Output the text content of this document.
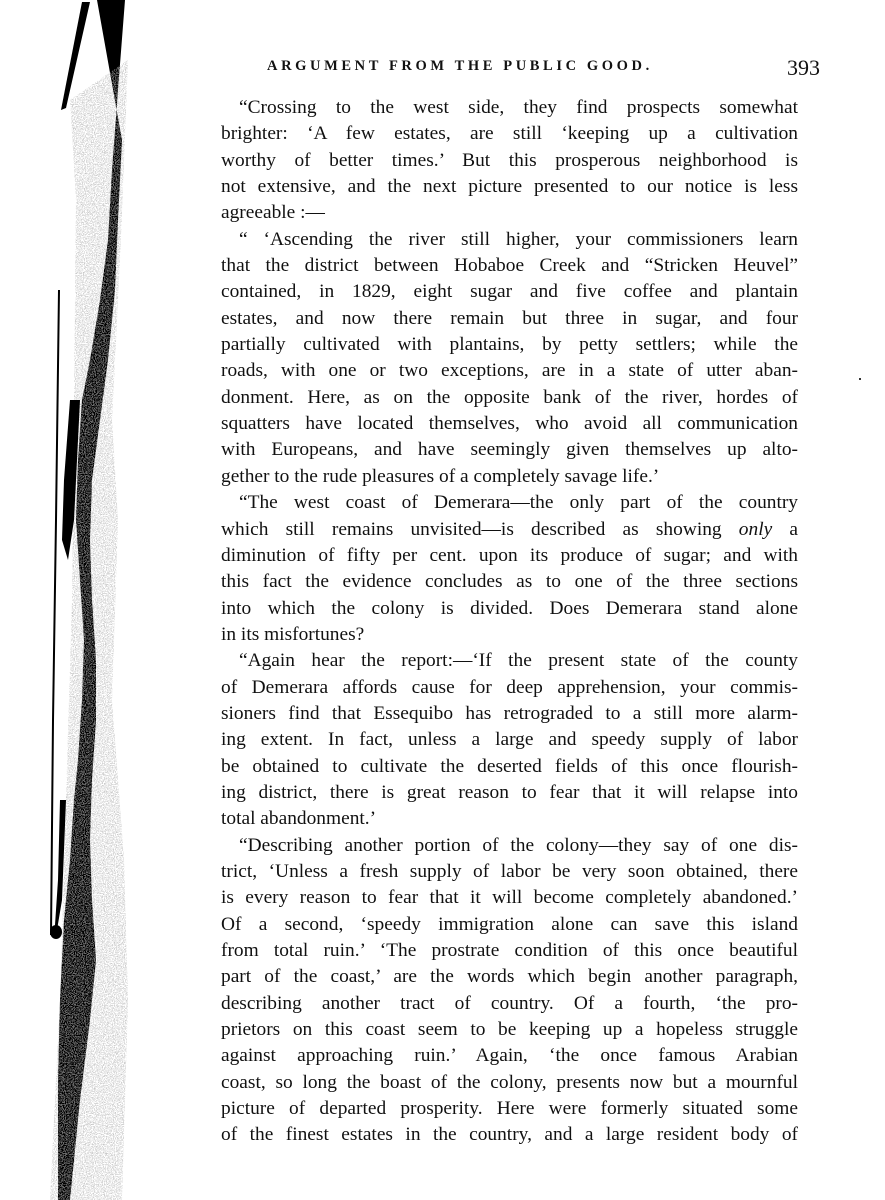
ARGUMENT FROM THE PUBLIC GOOD.	393
“Crossing to the west side, they find prospects somewhat
brighter: ‘A few estates, are still ‘keeping up a cultivation
worthy of better times.’ But this prosperous neighborhood is
not extensive, and the next picture presented to our notice is less
agreeable :—
“ ‘Ascending the river still higher, your commissioners learn
that the district between Hobaboe Creek and “Stricken Heuvel”
contained, in 1829, eight sugar and five coffee and plantain
estates, and now there remain but three in sugar, and four
partially cultivated with plantains, by petty settlers; while the
roads, with one or two exceptions, are in a state of utter aban-
donment. Here, as on the opposite bank of the river, hordes of
squatters have located themselves, who avoid all communication
with Europeans, and have seemingly given themselves up alto-
gether to the rude pleasures of a completely savage life.’
“The west coast of Demerara—the only part of the country
which still remains unvisited—is described as showing only a
diminution of fifty per cent. upon its produce of sugar; and with
this fact the evidence concludes as to one of the three sections
into which the colony is divided. Does Demerara stand alone
in its misfortunes?
“Again hear the report:—‘If the present state of the county
of Demerara affords cause for deep apprehension, your commis-
sioners find that Essequibo has retrograded to a still more alarm-
ing extent. In fact, unless a large and speedy supply of labor
be obtained to cultivate the deserted fields of this once flourish-
ing district, there is great reason to fear that it will relapse into
total abandonment.’
“Describing another portion of the colony—they say of one dis-
trict, ‘Unless a fresh supply of labor be very soon obtained, there
is every reason to fear that it will become completely abandoned.’
Of a second, ‘speedy immigration alone can save this island
from total ruin.’ ‘The prostrate condition of this once beautiful
part of the coast,’ are the words which begin another paragraph,
describing another tract of country. Of a fourth, ‘the pro-
prietors on this coast seem to be keeping up a hopeless struggle
against approaching ruin.’ Again, ‘the once famous Arabian
coast, so long the boast of the colony, presents now but a mournful
picture of departed prosperity. Here were formerly situated some
of the finest estates in the country, and a large resident body of
